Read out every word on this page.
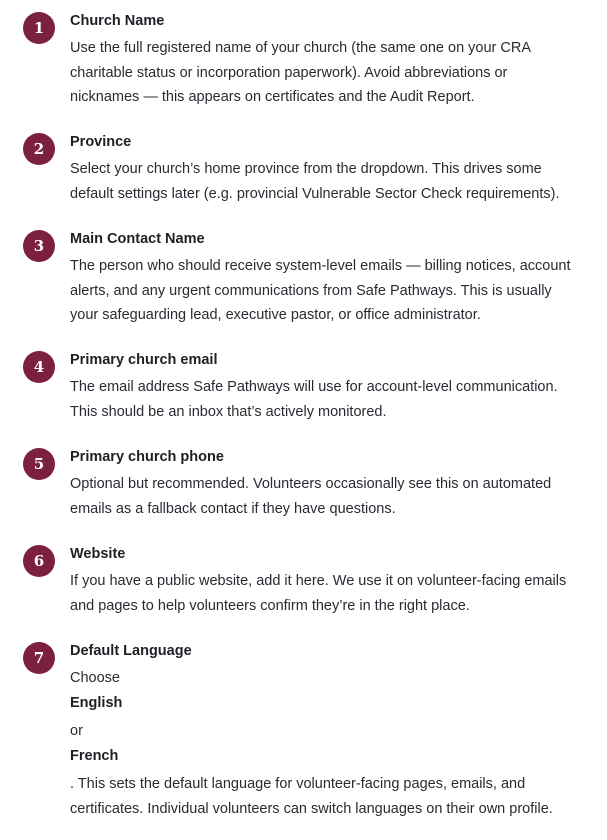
1	Church Name
Use the full registered name of your church (the same one on your CRA
charitable status or incorporation paperwork). Avoid abbreviations or
nicknames — this appears on certificates and the Audit Report.
2	Province
Select your church’s home province from the dropdown. This drives some
default settings later (e.g. provincial Vulnerable Sector Check requirements).
3	Main Contact Name
The person who should receive system-level emails — billing notices, account
alerts, and any urgent communications from Safe Pathways. This is usually
your safeguarding lead, executive pastor, or office administrator.
4	Primary church email
The email address Safe Pathways will use for account-level communication.
This should be an inbox that’s actively monitored.
5	Primary church phone
Optional but recommended. Volunteers occasionally see this on automated
emails as a fallback contact if they have questions.
6	Website
If you have a public website, add it here. We use it on volunteer-facing emails
and pages to help volunteers confirm they’re in the right place.
7	Default Language
Choose
English
or
French
. This sets the default language for volunteer-facing pages, emails, and
certificates. Individual volunteers can switch languages on their own profile.
